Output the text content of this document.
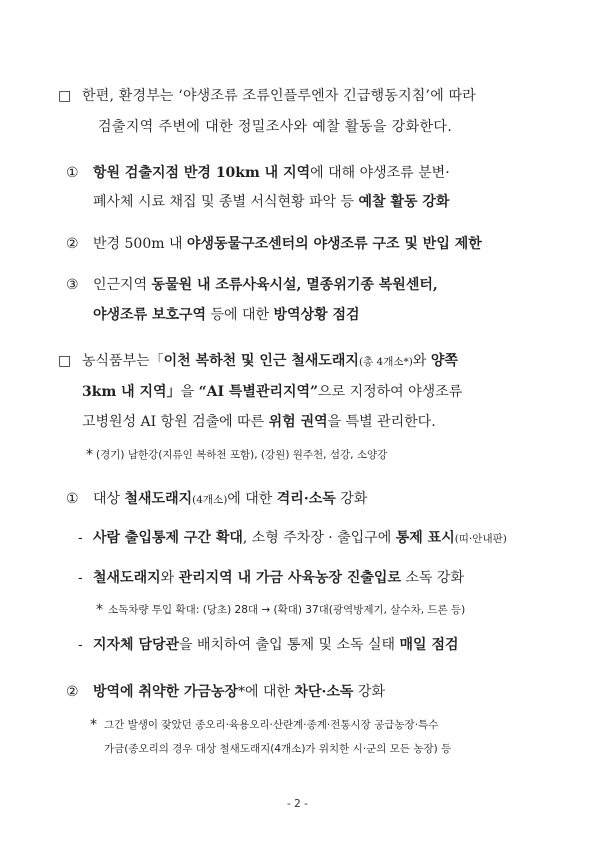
□ 한편, 환경부는 ‘야생조류 조류인플루엔자 긴급행동지침’에 따라
검출지역 주변에 대한 정밀조사와 예찰 활동을 강화한다.
① 항원 검출지점 반경 10km 내 지역에 대해 야생조류 분변·
폐사체 시료 채집 및 종별 서식현황 파악 등 예찰 활동 강화
② 반경 500m 내 야생동물구조센터의 야생조류 구조 및 반입 제한
③ 인근지역 동물원 내 조류사육시설, 멸종위기종 복원센터,
야생조류 보호구역 등에 대한 방역상황 점검
□ 농식품부는「이천 복하천 및 인근 철새도래지(총 4개소*)와 양쪽
3km 내 지역」을 “AI 특별관리지역”으로 지정하여 야생조류
고병원성 AI 항원 검출에 따른 위험 권역을 특별 관리한다.
* (경기) 남한강(지류인 복하천 포함), (강원) 원주천, 섬강, 소양강
① 대상 철새도래지(4개소)에 대한 격리·소독 강화
- 사람 출입통제 구간 확대, 소형 주차장 · 출입구에 통제 표시(띠·안내판)
- 철새도래지와 관리지역 내 가금 사육농장 진출입로 소독 강화
* 소독차량 투입 확대: (당초) 28대 → (확대) 37대(광역방제기, 살수차, 드론 등)
- 지자체 담당관을 배치하여 출입 통제 및 소독 실태 매일 점검
② 방역에 취약한 가금농장*에 대한 차단·소독 강화
* 그간 발생이 잦았던 종오리·육용오리·산란계·종계·전통시장 공급농장·특수
가금(종오리의 경우 대상 철새도래지(4개소)가 위치한 시·군의 모든 농장) 등
- 2 -
